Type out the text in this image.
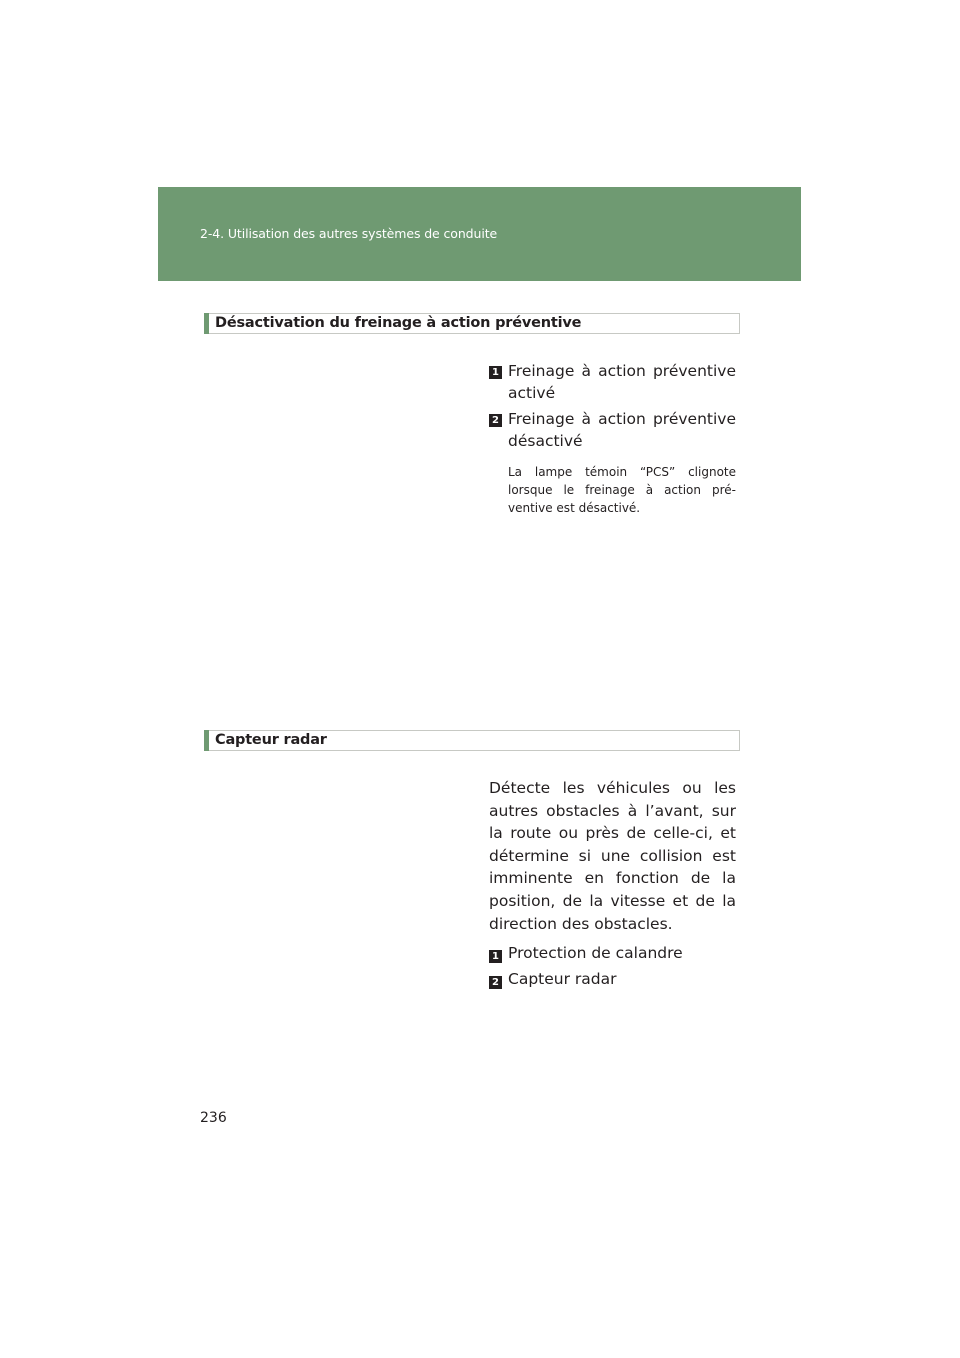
2-4. Utilisation des autres systèmes de conduite
Désactivation du freinage à action préventive
1 Freinage à action préventive activé
2 Freinage à action préventive désactivé
La lampe témoin “PCS” clignote lorsque le freinage à action pré-ventive est désactivé.
Capteur radar
Détecte les véhicules ou les autres obstacles à l’avant, sur la route ou près de celle-ci, et détermine si une collision est imminente en fonction de la position, de la vitesse et de la direction des obstacles.
1 Protection de calandre
2 Capteur radar
236
